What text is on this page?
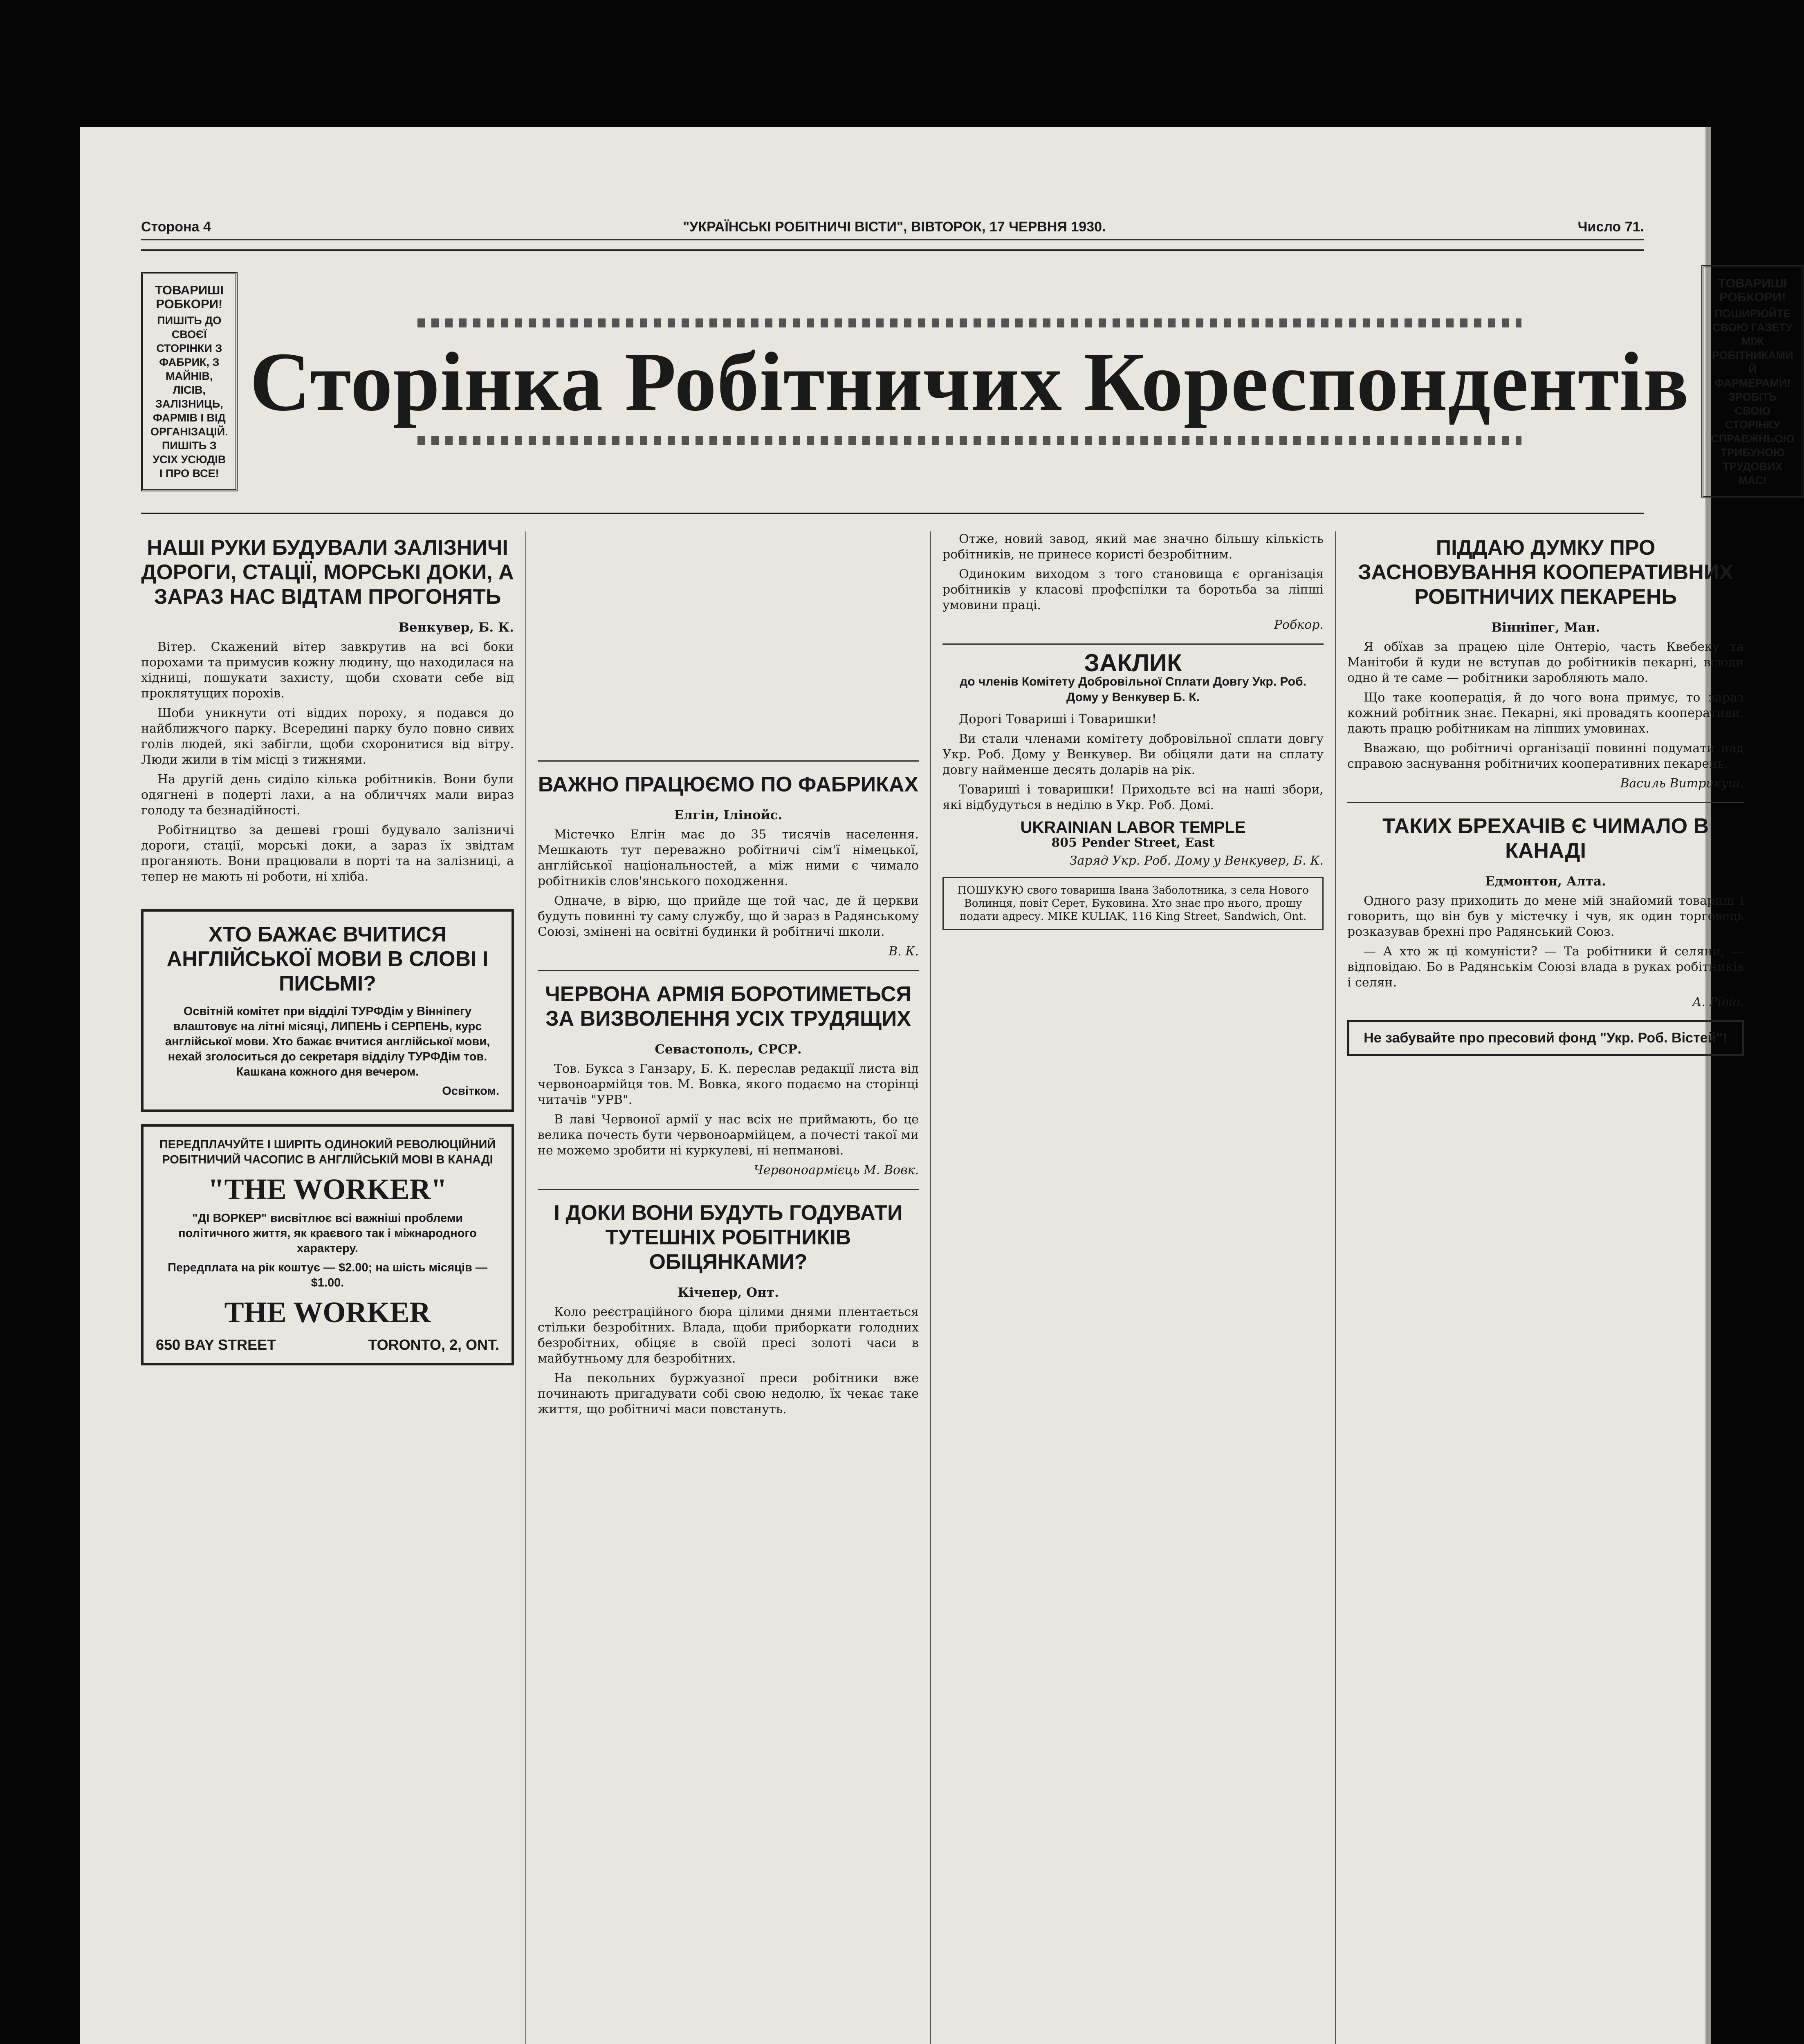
Сторона 4	"УКРАЇНСЬКІ РОБІТНИЧІ ВІСТИ", ВІВТОРОК, 17 ЧЕРВНЯ 1930.	Число 71.
ТОВАРИШІ РОБКОРИ!
ПИШІТЬ ДО СВОЄЇ СТОРІНКИ З ФАБРИК, З МАЙНІВ, ЛІСІВ, ЗАЛІЗНИЦЬ, ФАРМІВ І ВІД ОРГАНІЗАЦІЙ. ПИШІТЬ З УСІХ УСЮДІВ І ПРО ВСЕ!
Сторінка Робітничих Кореспондентів
ТОВАРИШІ РОБКОРИ!
ПОШИРЮЙТЕ СВОЮ ГАЗЕТУ МІЖ РОБІТНИКАМИ Й ФАРМЕРАМИ! ЗРОБІТЬ СВОЮ СТОРІНКУ СПРАВЖНЬОЮ ТРИБУНОЮ ТРУДОВИХ МАС!
НАШІ РУКИ БУДУВАЛИ ЗАЛІЗНИЧІ ДОРОГИ, СТАЦІЇ, МОРСЬКІ ДОКИ, А ЗАРАЗ НАС ВІДТАМ ПРОГОНЯТЬ
Венкувер, Б. К.

Вітер. Скажений вітер завкрутив на всі боки порохами та примусив кожну людину, що находилася на хідниці, пошукати захисту, щоби сховати себе від проклятущих порохів.

Шоби уникнути оті віддих пороху, я подався до найближчого парку. Всередині парку було повно сивих голів людей, які забігли, щоби схоронитися від вітру. Люди жили в тім місці з тижнями.

На другій день сиділо кілька робітників. Вони були одягнені в подерті лахи, а на обличчях мали вираз голоду та безнадійності.

Робітництво за дешеві гроші будувало залізничі дороги, стації, морські доки, а зараз їх звідтам проганяють. Вони працювали в порті та на залізниці, а тепер не мають ні роботи, ні хліба.

ХТО БАЖАЄ ВЧИТИСЯ АНГЛІЙСЬКОЇ МОВИ В СЛОВІ І ПИСЬМІ?
Освітній комітет при відділі ТУРФДім у Вінніпегу влаштовує на літні місяці, ЛИПЕНЬ і СЕРПЕНЬ, курс англійської мови. Хто бажає вчитися англійської мови, нехай зголоситься до секретаря відділу ТУРФДім тов. Кашкана кожного дня вечером.
Освітком.
ПЕРЕДПЛАЧУЙТЕ І ШИРІТЬ ОДИНОКИЙ РЕВОЛЮЦІЙНИЙ РОБІТНИЧИЙ ЧАСОПИС В АНГЛІЙСЬКІЙ МОВІ В КАНАДІ
"THE WORKER"
"ДІ ВОРКЕР" висвітлює всі важніші проблеми політичного життя, як краєвого так і міжнародного характеру.
Передплата на рік коштує — $2.00; на шість місяців — $1.00.
THE WORKER
650 BAY STREET	TORONTO, 2, ONT.
ВАЖНО ПРАЦЮЄМО ПО ФАБРИКАХ
Елгін, Ілінойс.

Містечко Елгін має до 35 тисячів населення. Мешкають тут переважно робітничі сім'ї німецької, англійської національностей, а між ними є чимало робітників слов'янського походження.

Одначе, в вірю, що прийде ще той час, де й церкви будуть повинні ту саму службу, що й зараз в Радянському Союзі, змінені на освітні будинки й робітничі школи.

В. К.
ЧЕРВОНА АРМІЯ БОРОТИМЕТЬСЯ ЗА ВИЗВОЛЕННЯ УСІХ ТРУДЯЩИХ
Севастополь, СРСР.

Тов. Букса з Ганзару, Б. К. переслав редакції листа від червоноармійця тов. М. Вовка, якого подаємо на сторінці читачів "УРВ".

В лаві Червоної армії у нас всіх не приймають, бо це велика почесть бути червоноармійцем, а почесті такої ми не можемо зробити ні куркулеві, ні непманові.

Червоноармієць М. Вовк.
І ДОКИ ВОНИ БУДУТЬ ГОДУВАТИ ТУТЕШНІХ РОБІТНИКІВ ОБІЦЯНКАМИ?
Кічепер, Онт.

Коло реєстраційного бюра цілими днями плентається стільки безробітних. Влада, щоби приборкати голодних безробітних, обіцяє в своїй пресі золоті часи в майбутньому для безробітних.

На пекольних буржуазної преси робітники вже починають пригадувати собі свою недолю, їх чекає таке життя, що робітничі маси повстануть.

Отже, новий завод, який має значно більшу кількість робітників, не принесе користі безробітним.

Одиноким виходом з того становища є організація робітників у класові профспілки та боротьба за ліпші умовини праці.

Робкор.
ЗАКЛИК
до членів Комітету Добровільної Сплати Довгу Укр. Роб. Дому у Венкувер Б. К.

Дорогі Товариші і Товаришки!

Ви стали членами комітету добровільної сплати довгу Укр. Роб. Дому у Венкувер. Ви обіцяли дати на сплату довгу найменше десять доларів на рік.

Товариші і товаришки! Приходьте всі на наші збори, які відбудуться в неділю в Укр. Роб. Домі.

UKRAINIAN LABOR TEMPLE
805 Pender Street, East
Заряд Укр. Роб. Дому у Венкувер, Б. К.
ПОШУКУЮ свого товариша Івана Заболотника, з села Нового Волинця, повіт Серет, Буковина. Хто знає про нього, прошу подати адресу. MIKE KULIAK, 116 King Street, Sandwich, Ont.
ПІДДАЮ ДУМКУ ПРО ЗАСНОВУВАННЯ КООПЕРАТИВНИХ РОБІТНИЧИХ ПЕКАРЕНЬ
Вінніпег, Ман.

Я обїхав за працею ціле Онтеріо, часть Квебеку та Манітоби й куди не вступав до робітників пекарні, всюди одно й те саме — робітники заробляють мало.

Що таке кооперація, й до чого вона примує, то зараз кожний робітник знає. Пекарні, які провадять кооперативи, дають працю робітникам на ліпших умовинах.

Вважаю, що робітничі організації повинні подумати над справою заснування робітничих кооперативних пекарень.

Василь Витрикуш.
ТАКИХ БРЕХАЧІВ Є ЧИМАЛО В КАНАДІ
Едмонтон, Алта.

Одного разу приходить до мене мій знайомий товариш і говорить, що він був у містечку і чув, як один торговець розказував брехні про Радянський Союз.

— А хто ж ці комуністи? — Та робітники й селяни, — відповідаю. Бо в Радянськім Союзі влада в руках робітників і селян.

А. Рівіо.
Не забувайте про пресовий фонд "Укр. Роб. Вістей"!
